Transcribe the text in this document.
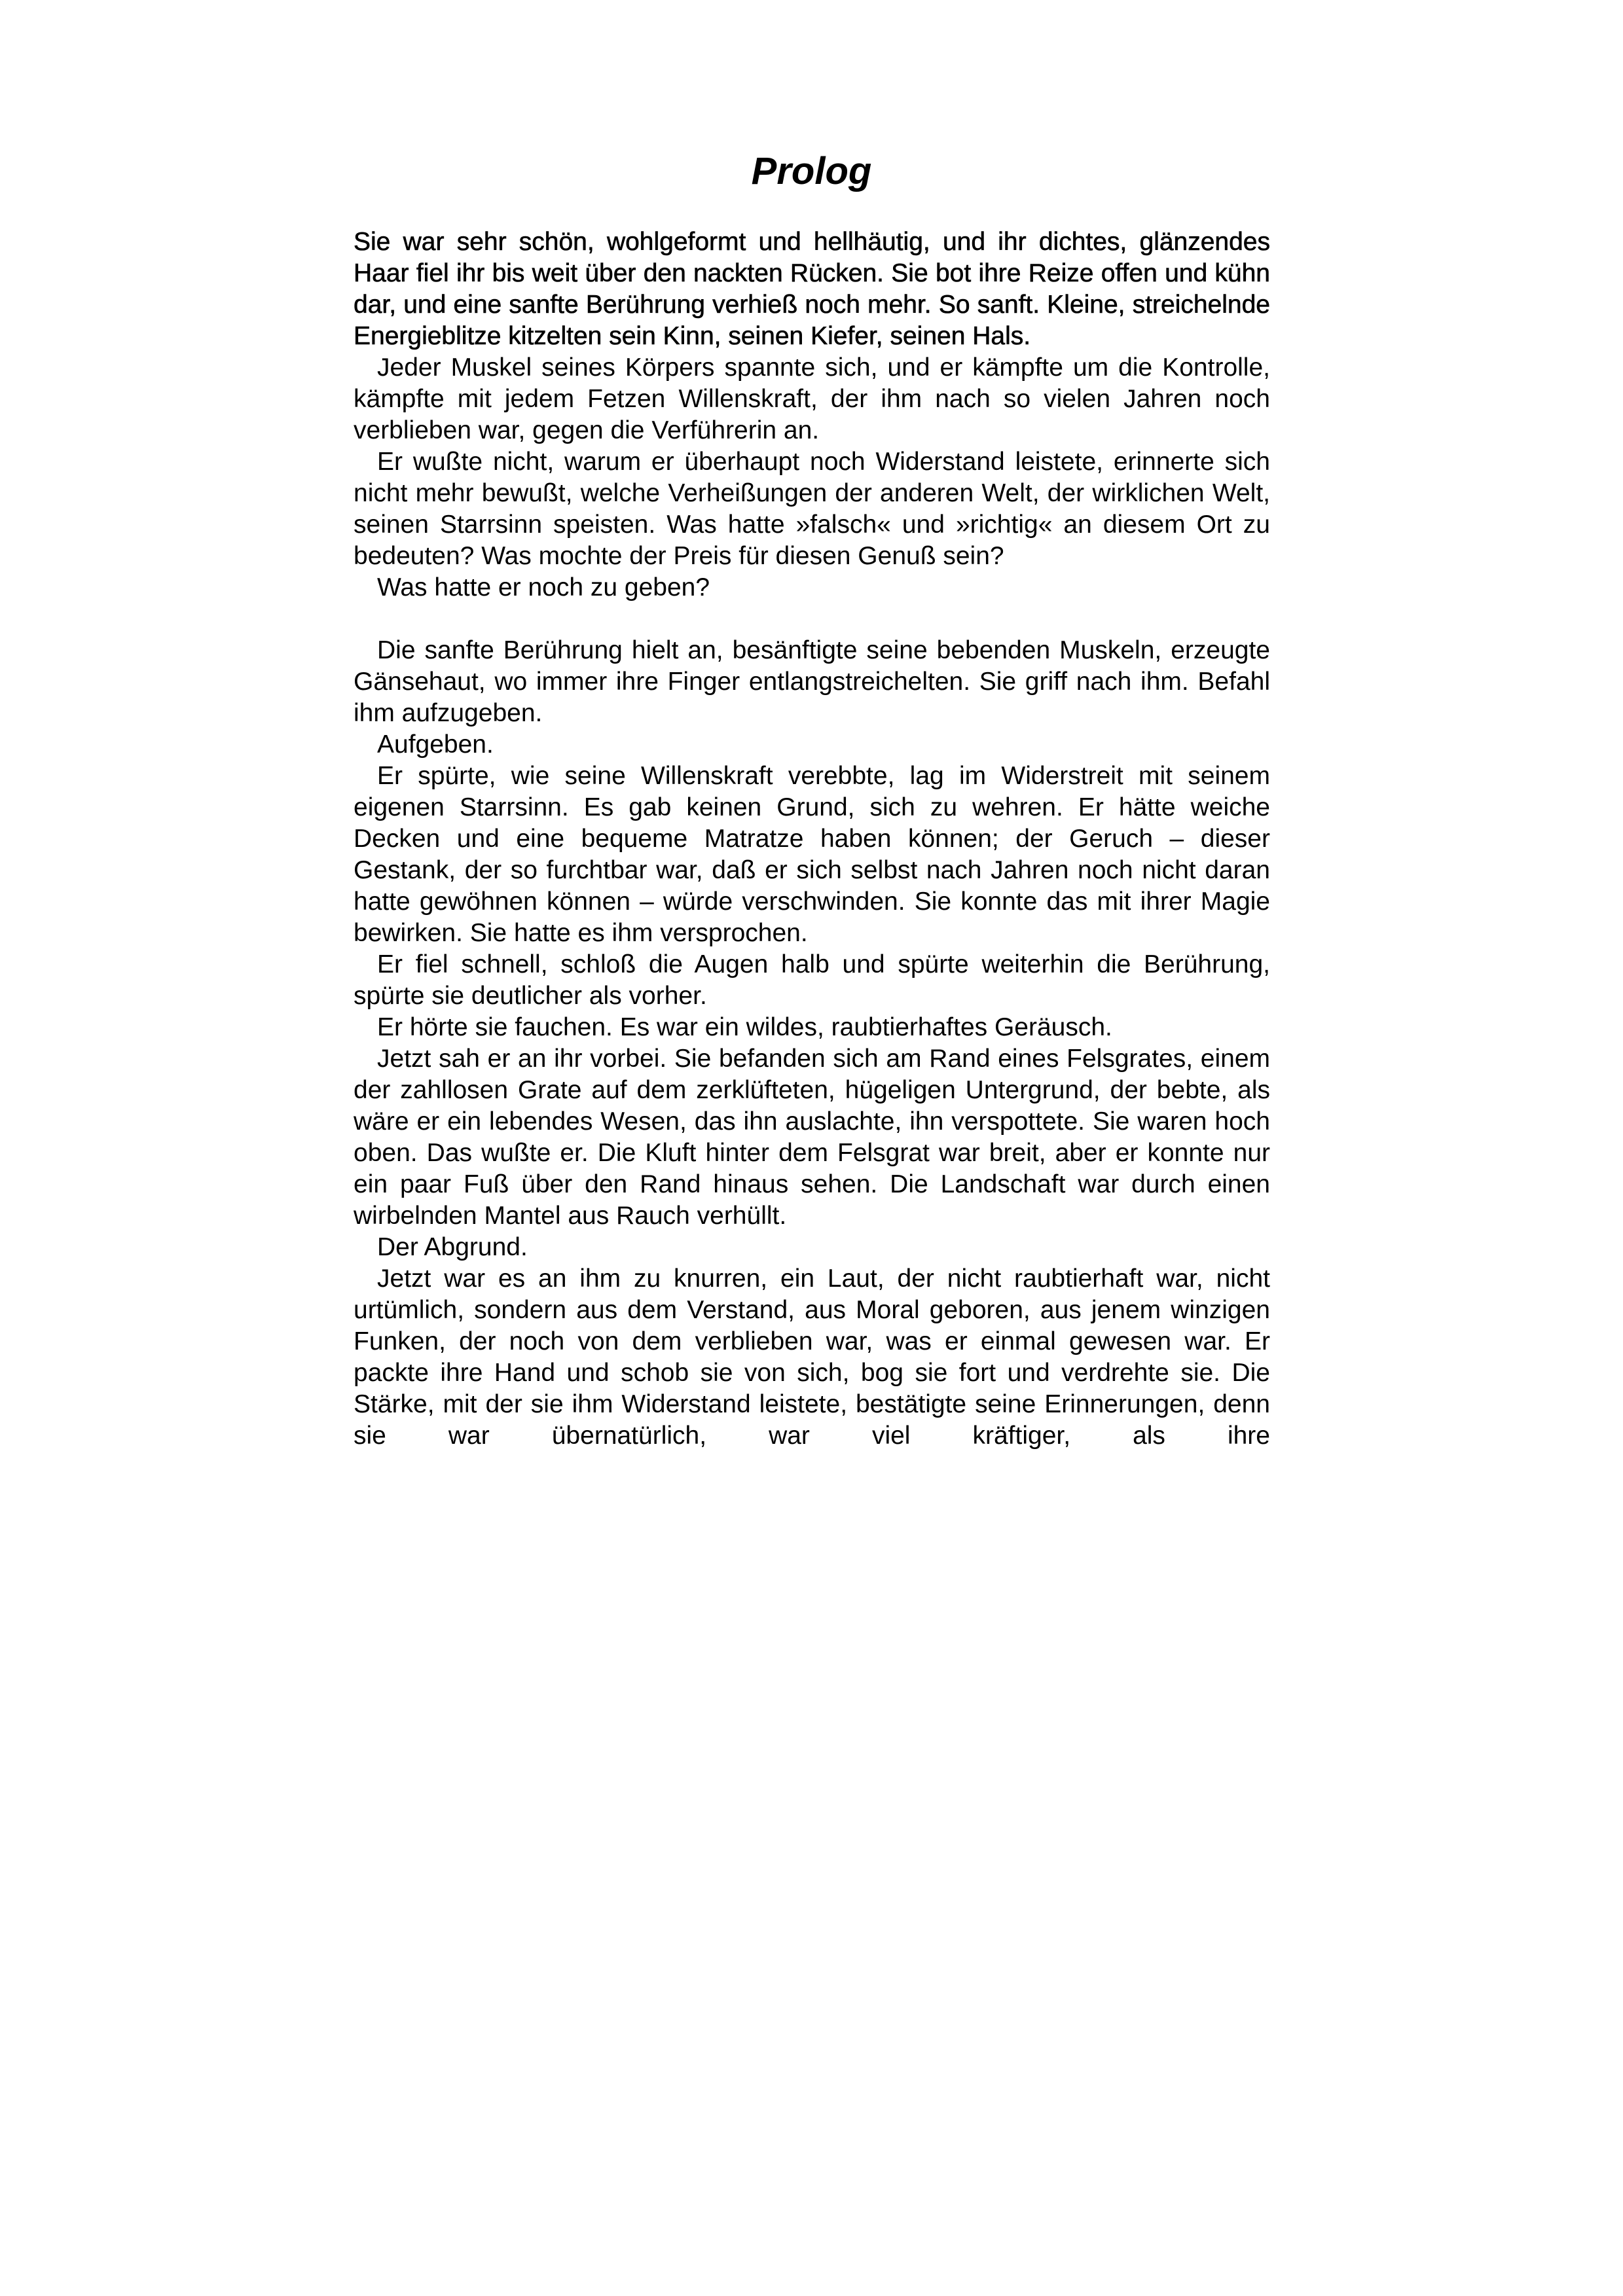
Prolog

Sie war sehr schön, wohlgeformt und hellhäutig, und ihr dichtes, glänzendes Haar fiel ihr bis weit über den nackten Rücken. Sie bot ihre Reize offen und kühn dar, und eine sanfte Berührung verhieß noch mehr. So sanft. Kleine, streichelnde Energieblitze kitzelten sein Kinn, seinen Kiefer, seinen Hals.

Jeder Muskel seines Körpers spannte sich, und er kämpfte um die Kontrolle, kämpfte mit jedem Fetzen Willenskraft, der ihm nach so vielen Jahren noch verblieben war, gegen die Verführerin an.

Er wußte nicht, warum er überhaupt noch Widerstand leistete, erinnerte sich nicht mehr bewußt, welche Verheißungen der anderen Welt, der wirklichen Welt, seinen Starrsinn speisten. Was hatte »falsch« und »richtig« an diesem Ort zu bedeuten? Was mochte der Preis für diesen Genuß sein?

Was hatte er noch zu geben?

Die sanfte Berührung hielt an, besänftigte seine bebenden Muskeln, erzeugte Gänsehaut, wo immer ihre Finger entlangstreichelten. Sie griff nach ihm. Befahl ihm aufzugeben.

Aufgeben.

Er spürte, wie seine Willenskraft verebbte, lag im Widerstreit mit seinem eigenen Starrsinn. Es gab keinen Grund, sich zu wehren. Er hätte weiche Decken und eine bequeme Matratze haben können; der Geruch – dieser Gestank, der so furchtbar war, daß er sich selbst nach Jahren noch nicht daran hatte gewöhnen können – würde verschwinden. Sie konnte das mit ihrer Magie bewirken. Sie hatte es ihm versprochen.

Er fiel schnell, schloß die Augen halb und spürte weiterhin die Berührung, spürte sie deutlicher als vorher.

Er hörte sie fauchen. Es war ein wildes, raubtierhaftes Geräusch.

Jetzt sah er an ihr vorbei. Sie befanden sich am Rand eines Felsgrates, einem der zahllosen Grate auf dem zerklüfteten, hügeligen Untergrund, der bebte, als wäre er ein lebendes Wesen, das ihn auslachte, ihn verspottete. Sie waren hoch oben. Das wußte er. Die Kluft hinter dem Felsgrat war breit, aber er konnte nur ein paar Fuß über den Rand hinaus sehen. Die Landschaft war durch einen wirbelnden Mantel aus Rauch verhüllt.

Der Abgrund.

Jetzt war es an ihm zu knurren, ein Laut, der nicht raubtierhaft war, nicht urtümlich, sondern aus dem Verstand, aus Moral geboren, aus jenem winzigen Funken, der noch von dem verblieben war, was er einmal gewesen war. Er packte ihre Hand und schob sie von sich, bog sie fort und verdrehte sie. Die Stärke, mit der sie ihm Widerstand leistete, bestätigte seine Erinnerungen, denn sie war übernatürlich, war viel kräftiger, als ihre
